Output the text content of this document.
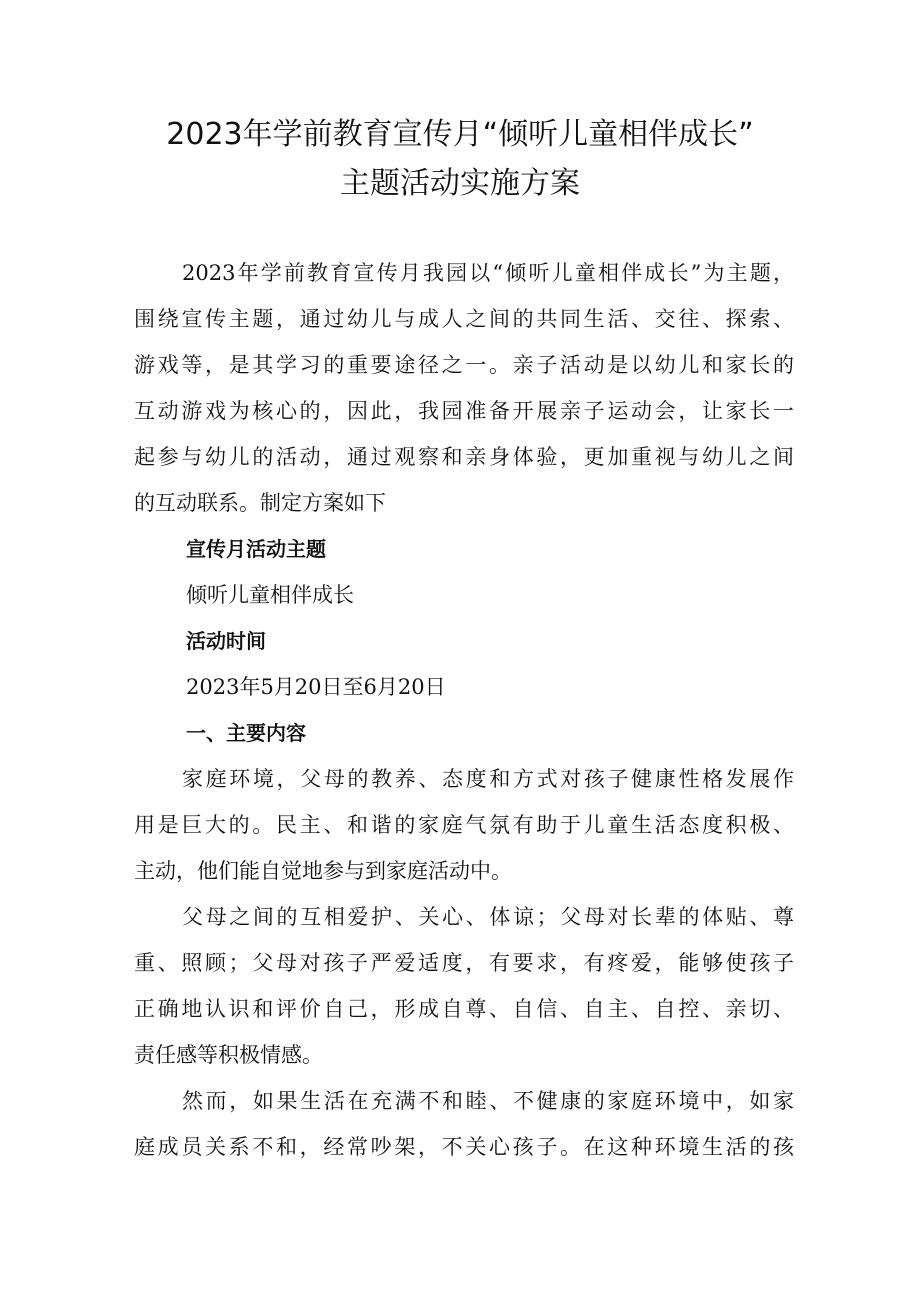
2023年学前教育宣传月“倾听儿童相伴成长”
主题活动实施方案
2023年学前教育宣传月我园以“倾听儿童相伴成长”为主题，
围绕宣传主题，通过幼儿与成人之间的共同生活、交往、探索、
游戏等，是其学习的重要途径之一。亲子活动是以幼儿和家长的
互动游戏为核心的，因此，我园准备开展亲子运动会，让家长一
起参与幼儿的活动，通过观察和亲身体验，更加重视与幼儿之间
的互动联系。制定方案如下
宣传月活动主题
倾听儿童相伴成长
活动时间
2023年5月20日至6月20日
一、主要内容
家庭环境，父母的教养、态度和方式对孩子健康性格发展作
用是巨大的。民主、和谐的家庭气氛有助于儿童生活态度积极、
主动，他们能自觉地参与到家庭活动中。
父母之间的互相爱护、关心、体谅；父母对长辈的体贴、尊
重、照顾；父母对孩子严爱适度，有要求，有疼爱，能够使孩子
正确地认识和评价自己，形成自尊、自信、自主、自控、亲切、
责任感等积极情感。
然而，如果生活在充满不和睦、不健康的家庭环境中，如家
庭成员关系不和，经常吵架，不关心孩子。在这种环境生活的孩
